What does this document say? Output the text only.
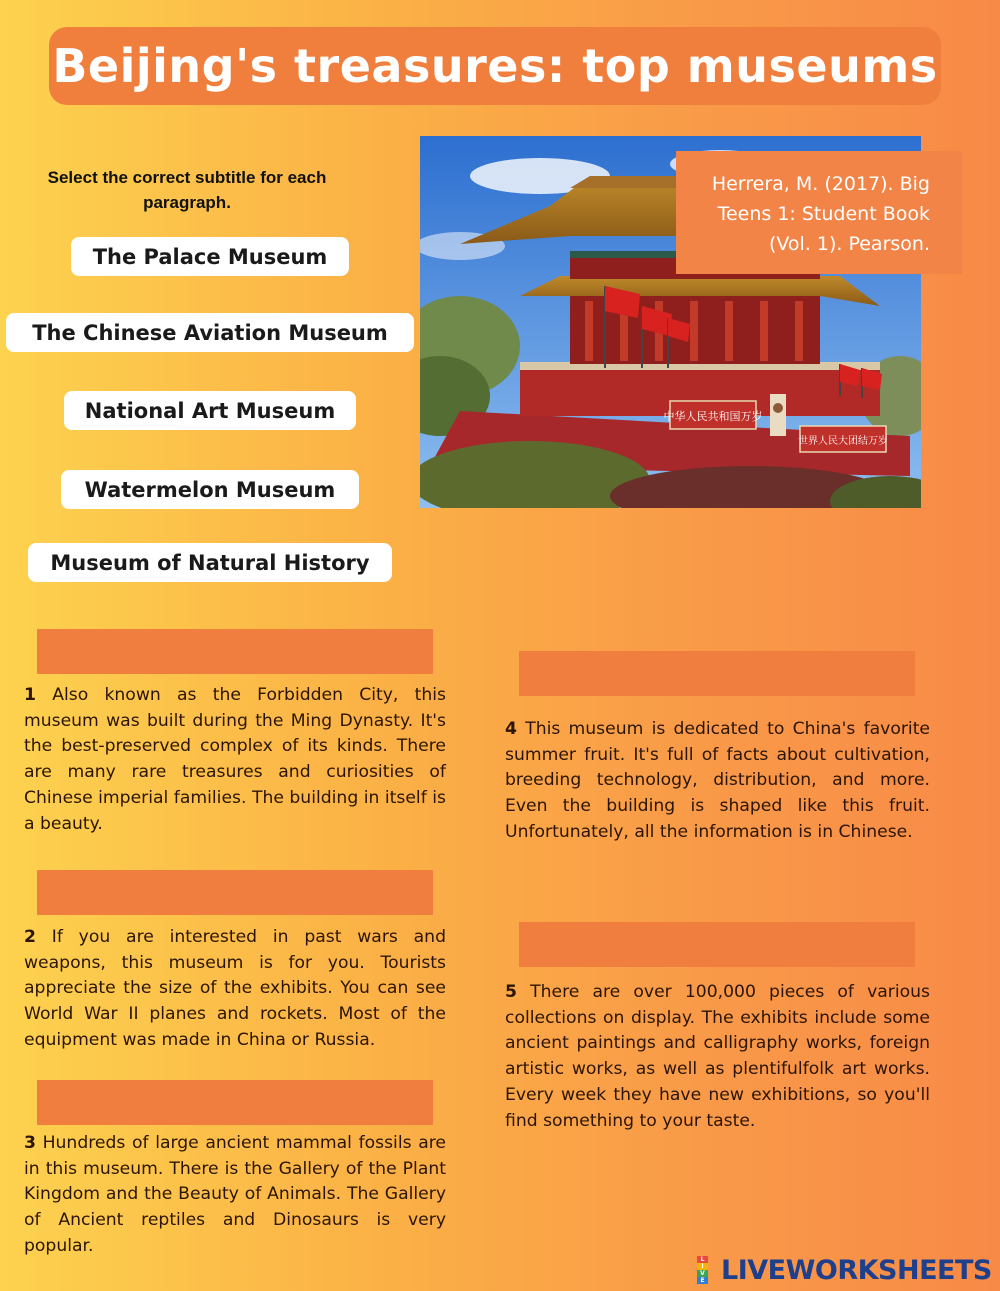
Beijing's treasures: top museums
Select the correct subtitle for each paragraph.
The Palace Museum
The Chinese Aviation Museum
National Art Museum
Watermelon Museum
Museum of Natural History
中华人民共和国万岁
世界人民大团结万岁
Herrera, M. (2017). Big Teens 1: Student Book (Vol. 1). Pearson.
1 Also known as the Forbidden City, this museum was built during the Ming Dynasty. It's the best-preserved complex of its kinds. There are many rare treasures and curiosities of Chinese imperial families. The building in itself is a beauty.
2 If you are interested in past wars and weapons, this museum is for you. Tourists appreciate the size of the exhibits. You can see World War II planes and rockets. Most of the equipment was made in China or Russia.
3 Hundreds of large ancient mammal fossils are in this museum. There is the Gallery of the Plant Kingdom and the Beauty of Animals. The Gallery of Ancient reptiles and Dinosaurs is very popular.
4 This museum is dedicated to China's favorite summer fruit. It's full of facts about cultivation, breeding technology, distribution, and more. Even the building is shaped like this fruit. Unfortunately, all the information is in Chinese.
5 There are over 100,000 pieces of various collections on display. The exhibits include some ancient paintings and calligraphy works, foreign artistic works, as well as plentifulfolk art works. Every week they have new exhibitions, so you'll find something to your taste.
L
I
V
E LIVEWORKSHEETS
